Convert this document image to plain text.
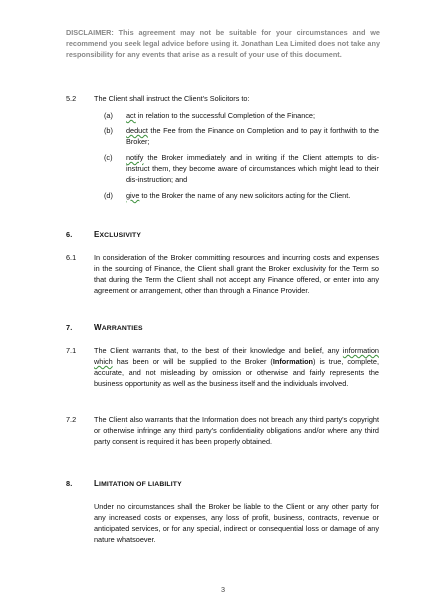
DISCLAIMER: This agreement may not be suitable for your circumstances and we recommend you seek legal advice before using it. Jonathan Lea Limited does not take any responsibility for any events that arise as a result of your use of this document.
5.2 The Client shall instruct the Client's Solicitors to:
(a) act in relation to the successful Completion of the Finance;
(b) deduct the Fee from the Finance on Completion and to pay it forthwith to the Broker;
(c) notify the Broker immediately and in writing if the Client attempts to dis-instruct them, they become aware of circumstances which might lead to their dis-instruction; and
(d) give to the Broker the name of any new solicitors acting for the Client.
6.	EXCLUSIVITY
6.1 In consideration of the Broker committing resources and incurring costs and expenses in the sourcing of Finance, the Client shall grant the Broker exclusivity for the Term so that during the Term the Client shall not accept any Finance offered, or enter into any agreement or arrangement, other than through a Finance Provider.
7.	WARRANTIES
7.1 The Client warrants that, to the best of their knowledge and belief, any information which has been or will be supplied to the Broker (Information) is true, complete, accurate, and not misleading by omission or otherwise and fairly represents the business opportunity as well as the business itself and the individuals involved.
7.2 The Client also warrants that the Information does not breach any third party's copyright or otherwise infringe any third party's confidentiality obligations and/or where any third party consent is required it has been properly obtained.
8.	LIMITATION OF LIABILITY
Under no circumstances shall the Broker be liable to the Client or any other party for any increased costs or expenses, any loss of profit, business, contracts, revenue or anticipated services, or for any special, indirect or consequential loss or damage of any nature whatsoever.
3
